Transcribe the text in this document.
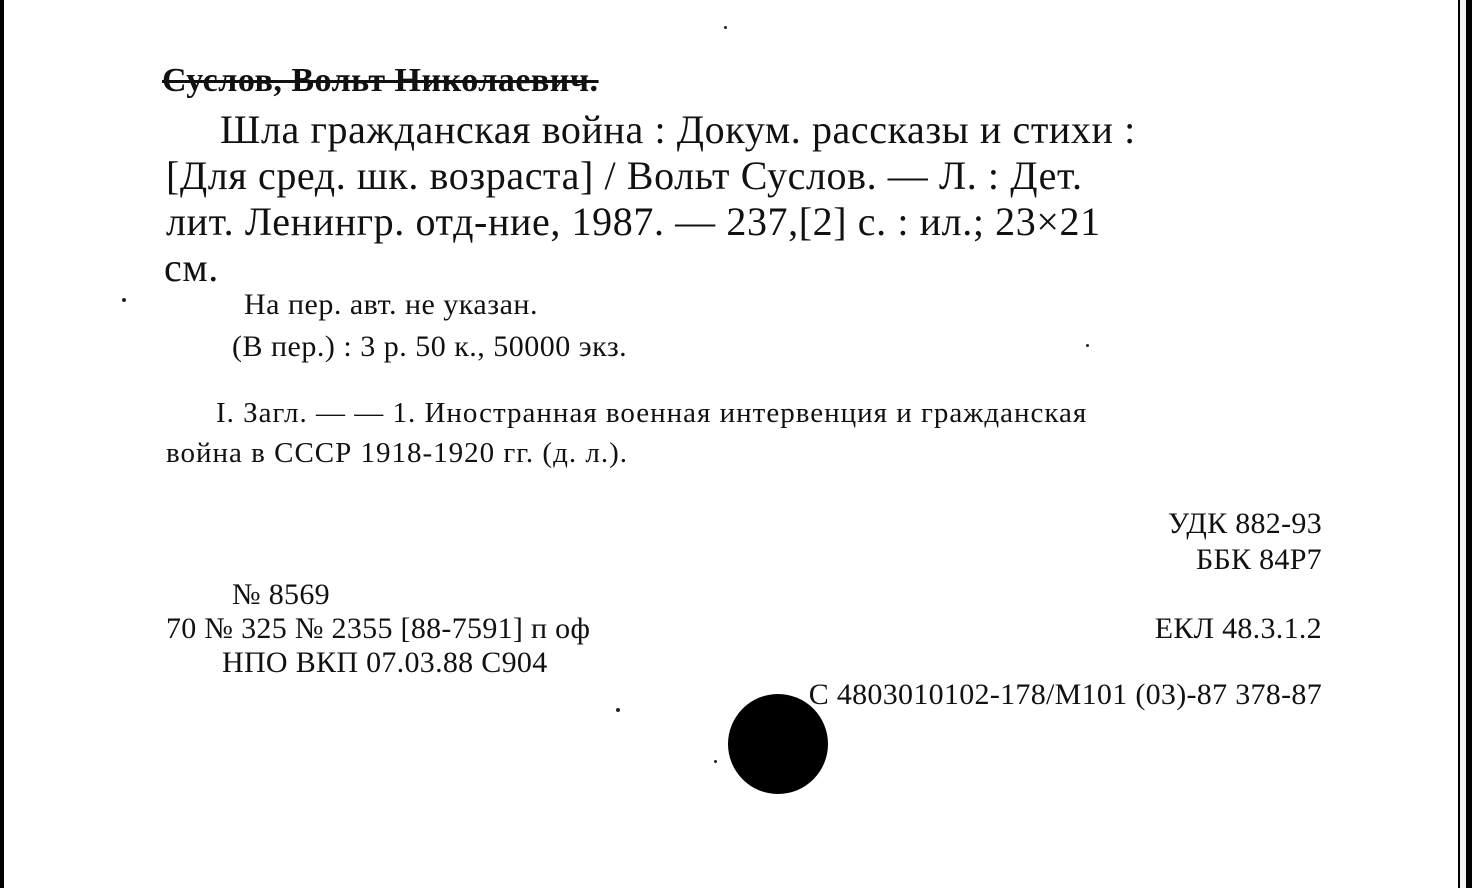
Суслов, Вольт Николаевич.
Шла гражданская война : Докум. рассказы и стихи :
[Для сред. шк. возраста] / Вольт Суслов. — Л. : Дет.
лит. Ленингр. отд-ние, 1987. — 237,[2] с. : ил.; 23×21
см.
На пер. авт. не указан.
(В пер.) : 3 р. 50 к., 50000 экз.
I. Загл. — — 1. Иностранная военная интервенция и гражданская
война в СССР 1918-1920 гг. (д. л.).
УДК 882-93
ББК 84Р7
№ 8569
70 № 325 № 2355 [88-7591] п оф	ЕКЛ 48.3.1.2
НПО ВКП 07.03.88 С904
С 4803010102-178/М101 (03)-87 378-87
